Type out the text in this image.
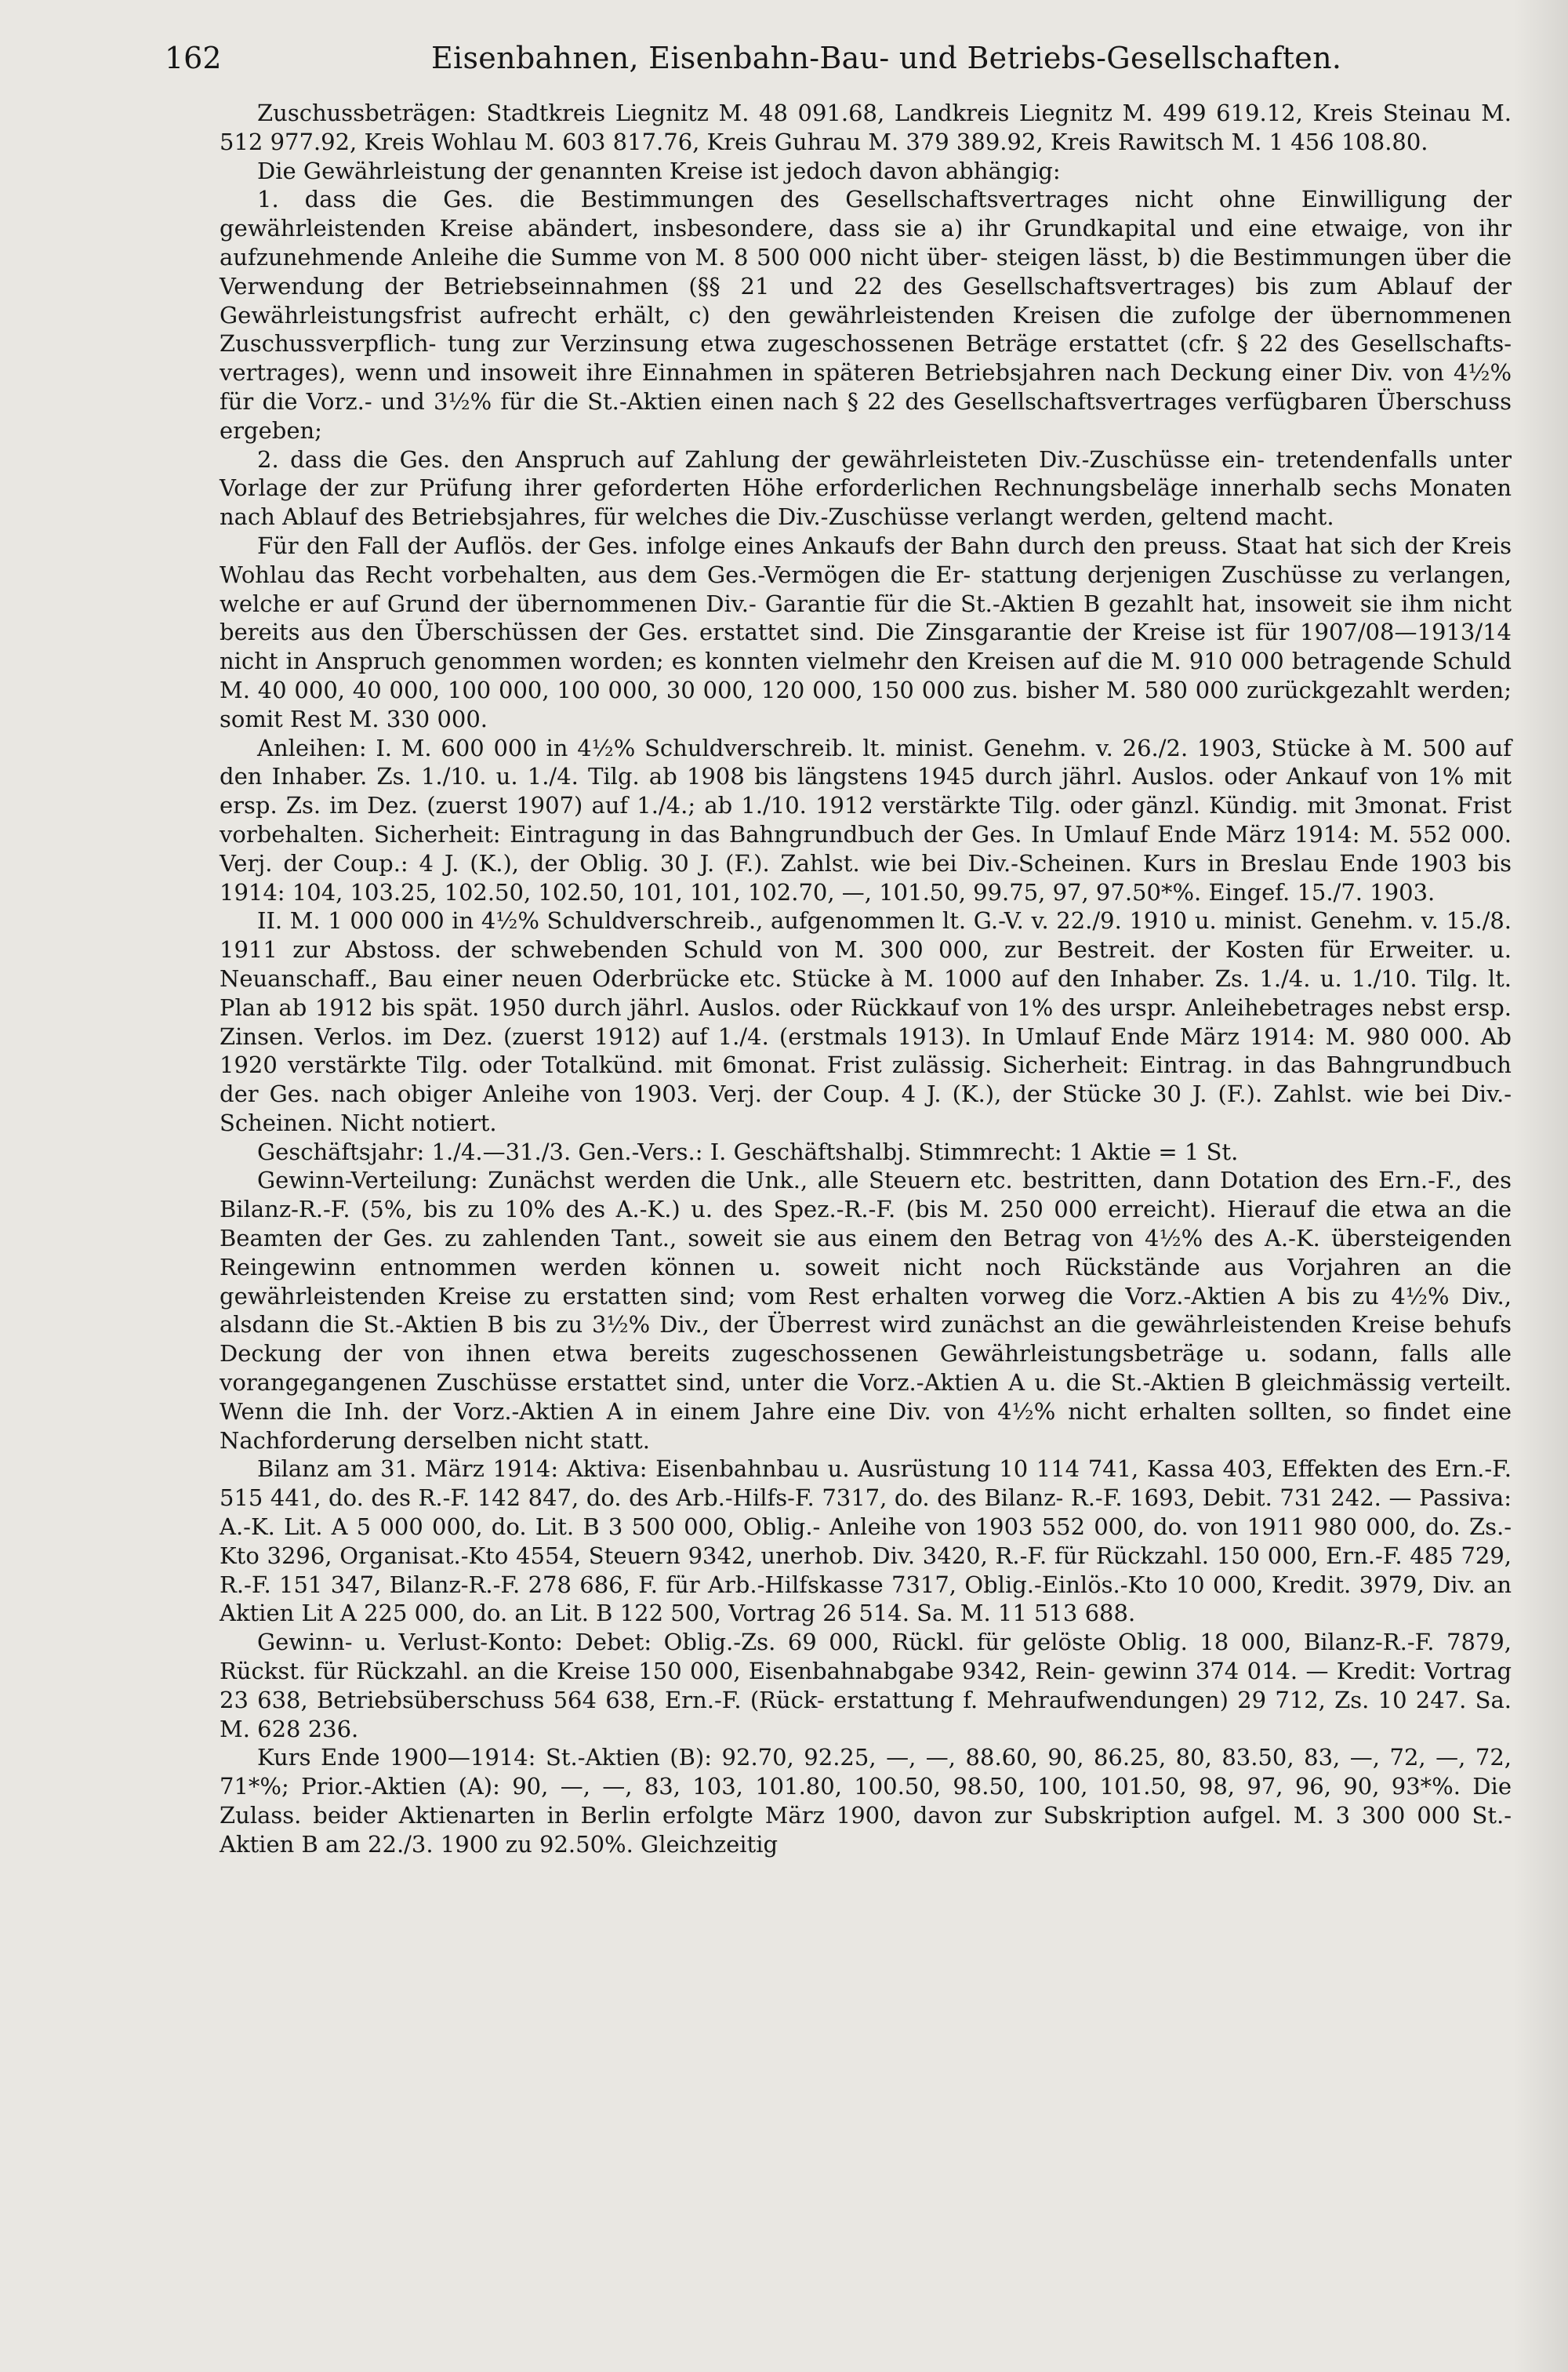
162	Eisenbahnen, Eisenbahn-Bau- und Betriebs-Gesellschaften.

Zuschussbeträgen: Stadtkreis Liegnitz M. 48 091.68, Landkreis Liegnitz M. 499 619.12, Kreis Steinau M. 512 977.92, Kreis Wohlau M. 603 817.76, Kreis Guhrau M. 379 389.92, Kreis Rawitsch M. 1 456 108.80.

Die Gewährleistung der genannten Kreise ist jedoch davon abhängig:

1. dass die Ges. die Bestimmungen des Gesellschaftsvertrages nicht ohne Einwilligung der gewährleistenden Kreise abändert, insbesondere, dass sie a) ihr Grundkapital und eine etwaige, von ihr aufzunehmende Anleihe die Summe von M. 8 500 000 nicht über- steigen lässt, b) die Bestimmungen über die Verwendung der Betriebseinnahmen (§§ 21 und 22 des Gesellschaftsvertrages) bis zum Ablauf der Gewährleistungsfrist aufrecht erhält, c) den gewährleistenden Kreisen die zufolge der übernommenen Zuschussverpflich- tung zur Verzinsung etwa zugeschossenen Beträge erstattet (cfr. § 22 des Gesellschafts- vertrages), wenn und insoweit ihre Einnahmen in späteren Betriebsjahren nach Deckung einer Div. von 4½% für die Vorz.- und 3½% für die St.-Aktien einen nach § 22 des Gesellschaftsvertrages verfügbaren Überschuss ergeben;

2. dass die Ges. den Anspruch auf Zahlung der gewährleisteten Div.-Zuschüsse ein- tretendenfalls unter Vorlage der zur Prüfung ihrer geforderten Höhe erforderlichen Rechnungsbeläge innerhalb sechs Monaten nach Ablauf des Betriebsjahres, für welches die Div.-Zuschüsse verlangt werden, geltend macht.

Für den Fall der Auflös. der Ges. infolge eines Ankaufs der Bahn durch den preuss. Staat hat sich der Kreis Wohlau das Recht vorbehalten, aus dem Ges.-Vermögen die Er- stattung derjenigen Zuschüsse zu verlangen, welche er auf Grund der übernommenen Div.- Garantie für die St.-Aktien B gezahlt hat, insoweit sie ihm nicht bereits aus den Überschüssen der Ges. erstattet sind. Die Zinsgarantie der Kreise ist für 1907/08—1913/14 nicht in Anspruch genommen worden; es konnten vielmehr den Kreisen auf die M. 910 000 betragende Schuld M. 40 000, 40 000, 100 000, 100 000, 30 000, 120 000, 150 000 zus. bisher M. 580 000 zurückgezahlt werden; somit Rest M. 330 000.

Anleihen: I. M. 600 000 in 4½% Schuldverschreib. lt. minist. Genehm. v. 26./2. 1903, Stücke à M. 500 auf den Inhaber. Zs. 1./10. u. 1./4. Tilg. ab 1908 bis längstens 1945 durch jährl. Auslos. oder Ankauf von 1% mit ersp. Zs. im Dez. (zuerst 1907) auf 1./4.; ab 1./10. 1912 verstärkte Tilg. oder gänzl. Kündig. mit 3monat. Frist vorbehalten. Sicherheit: Eintragung in das Bahngrundbuch der Ges. In Umlauf Ende März 1914: M. 552 000. Verj. der Coup.: 4 J. (K.), der Oblig. 30 J. (F.). Zahlst. wie bei Div.-Scheinen. Kurs in Breslau Ende 1903 bis 1914: 104, 103.25, 102.50, 102.50, 101, 101, 102.70, —, 101.50, 99.75, 97, 97.50*%. Eingef. 15./7. 1903.

II. M. 1 000 000 in 4½% Schuldverschreib., aufgenommen lt. G.-V. v. 22./9. 1910 u. minist. Genehm. v. 15./8. 1911 zur Abstoss. der schwebenden Schuld von M. 300 000, zur Bestreit. der Kosten für Erweiter. u. Neuanschaff., Bau einer neuen Oderbrücke etc. Stücke à M. 1000 auf den Inhaber. Zs. 1./4. u. 1./10. Tilg. lt. Plan ab 1912 bis spät. 1950 durch jährl. Auslos. oder Rückkauf von 1% des urspr. Anleihebetrages nebst ersp. Zinsen. Verlos. im Dez. (zuerst 1912) auf 1./4. (erstmals 1913). In Umlauf Ende März 1914: M. 980 000. Ab 1920 verstärkte Tilg. oder Totalkünd. mit 6monat. Frist zulässig. Sicherheit: Eintrag. in das Bahngrundbuch der Ges. nach obiger Anleihe von 1903. Verj. der Coup. 4 J. (K.), der Stücke 30 J. (F.). Zahlst. wie bei Div.-Scheinen. Nicht notiert.

Geschäftsjahr: 1./4.—31./3. Gen.-Vers.: I. Geschäftshalbj. Stimmrecht: 1 Aktie = 1 St.

Gewinn-Verteilung: Zunächst werden die Unk., alle Steuern etc. bestritten, dann Dotation des Ern.-F., des Bilanz-R.-F. (5%, bis zu 10% des A.-K.) u. des Spez.-R.-F. (bis M. 250 000 erreicht). Hierauf die etwa an die Beamten der Ges. zu zahlenden Tant., soweit sie aus einem den Betrag von 4½% des A.-K. übersteigenden Reingewinn entnommen werden können u. soweit nicht noch Rückstände aus Vorjahren an die gewährleistenden Kreise zu erstatten sind; vom Rest erhalten vorweg die Vorz.-Aktien A bis zu 4½% Div., alsdann die St.-Aktien B bis zu 3½% Div., der Überrest wird zunächst an die gewährleistenden Kreise behufs Deckung der von ihnen etwa bereits zugeschossenen Gewährleistungsbeträge u. sodann, falls alle vorangegangenen Zuschüsse erstattet sind, unter die Vorz.-Aktien A u. die St.-Aktien B gleichmässig verteilt. Wenn die Inh. der Vorz.-Aktien A in einem Jahre eine Div. von 4½% nicht erhalten sollten, so findet eine Nachforderung derselben nicht statt.

Bilanz am 31. März 1914: Aktiva: Eisenbahnbau u. Ausrüstung 10 114 741, Kassa 403, Effekten des Ern.-F. 515 441, do. des R.-F. 142 847, do. des Arb.-Hilfs-F. 7317, do. des Bilanz- R.-F. 1693, Debit. 731 242. — Passiva: A.-K. Lit. A 5 000 000, do. Lit. B 3 500 000, Oblig.- Anleihe von 1903 552 000, do. von 1911 980 000, do. Zs.-Kto 3296, Organisat.-Kto 4554, Steuern 9342, unerhob. Div. 3420, R.-F. für Rückzahl. 150 000, Ern.-F. 485 729, R.-F. 151 347, Bilanz-R.-F. 278 686, F. für Arb.-Hilfskasse 7317, Oblig.-Einlös.-Kto 10 000, Kredit. 3979, Div. an Aktien Lit A 225 000, do. an Lit. B 122 500, Vortrag 26 514. Sa. M. 11 513 688.

Gewinn- u. Verlust-Konto: Debet: Oblig.-Zs. 69 000, Rückl. für gelöste Oblig. 18 000, Bilanz-R.-F. 7879, Rückst. für Rückzahl. an die Kreise 150 000, Eisenbahnabgabe 9342, Rein- gewinn 374 014. — Kredit: Vortrag 23 638, Betriebsüberschuss 564 638, Ern.-F. (Rück- erstattung f. Mehraufwendungen) 29 712, Zs. 10 247. Sa. M. 628 236.

Kurs Ende 1900—1914: St.-Aktien (B): 92.70, 92.25, —, —, 88.60, 90, 86.25, 80, 83.50, 83, —, 72, —, 72, 71*%; Prior.-Aktien (A): 90, —, —, 83, 103, 101.80, 100.50, 98.50, 100, 101.50, 98, 97, 96, 90, 93*%. Die Zulass. beider Aktienarten in Berlin erfolgte März 1900, davon zur Subskription aufgel. M. 3 300 000 St.-Aktien B am 22./3. 1900 zu 92.50%. Gleichzeitig
